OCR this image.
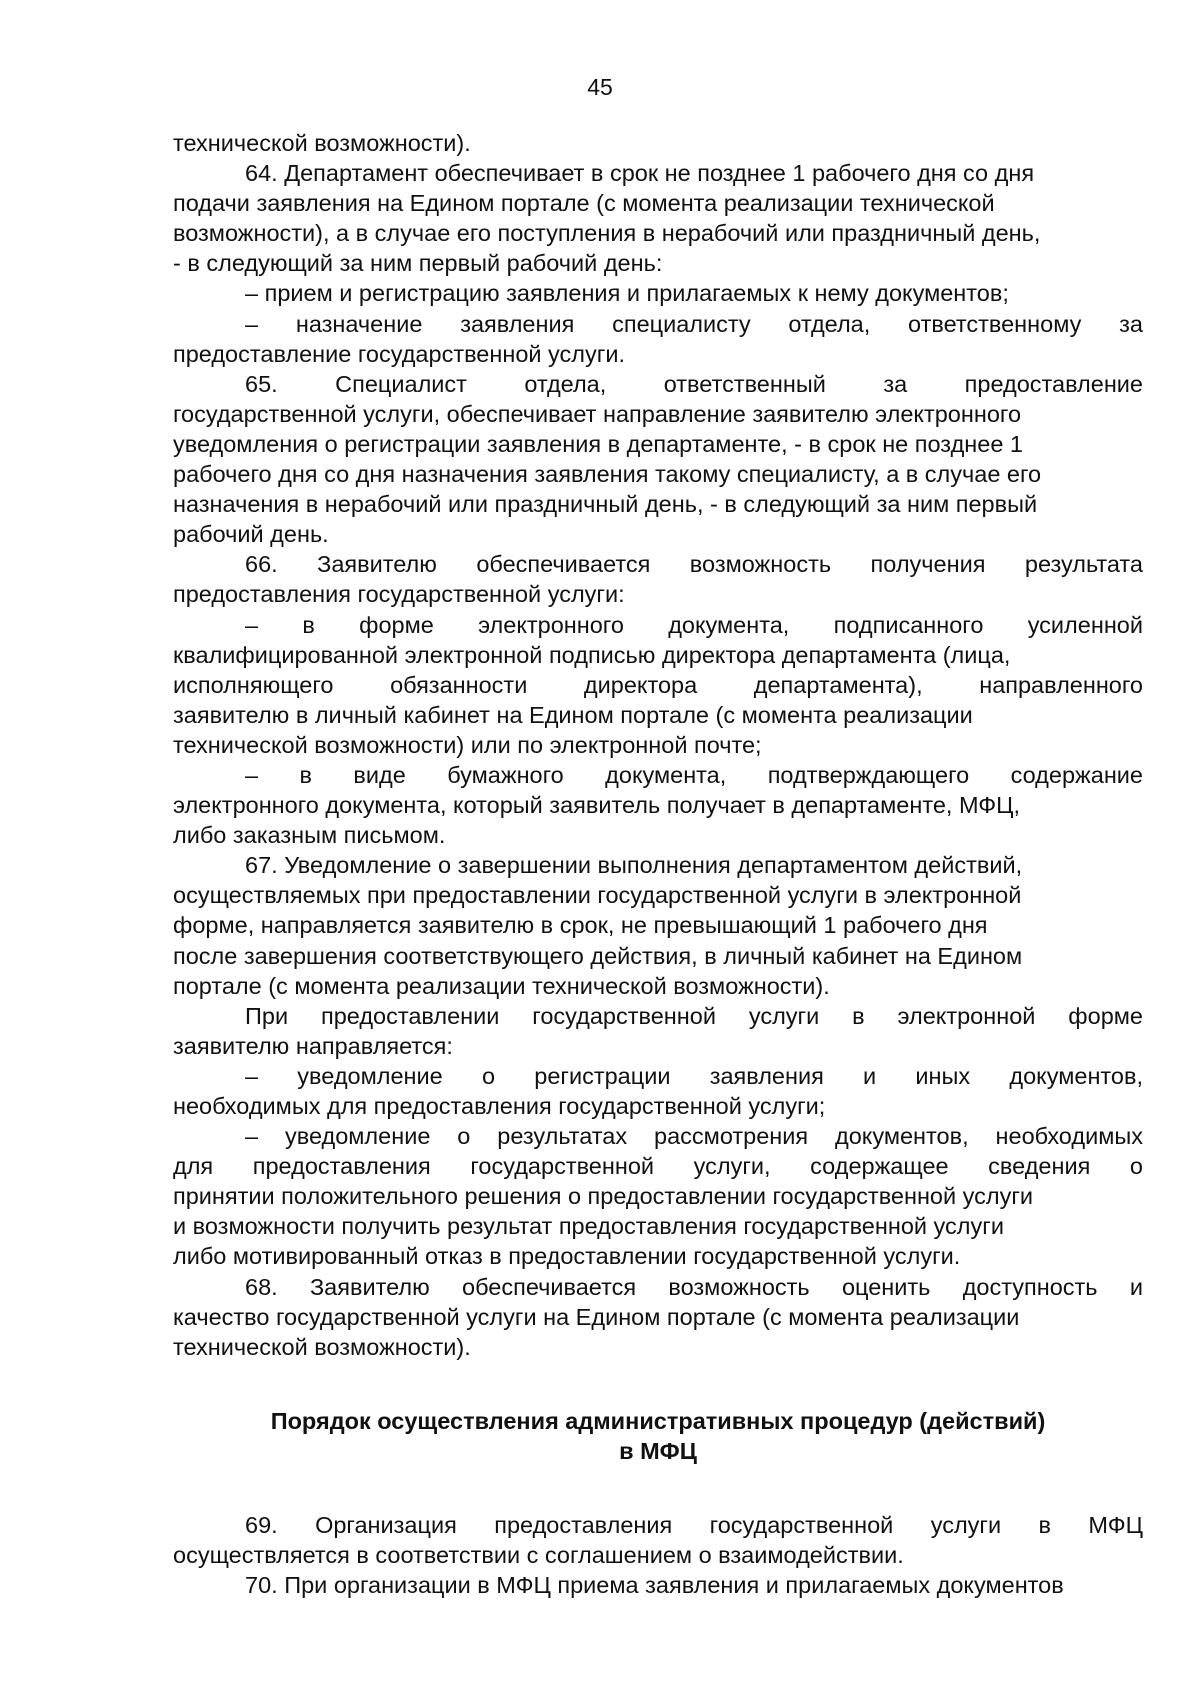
45
технической возможности).
64. Департамент обеспечивает в срок не позднее 1 рабочего дня со дня
подачи заявления на Едином портале (с момента реализации технической
возможности), а в случае его поступления в нерабочий или праздничный день,
- в следующий за ним первый рабочий день:
– прием и регистрацию заявления и прилагаемых к нему документов;
– назначение заявления специалисту отдела, ответственному за
предоставление государственной услуги.
65. Специалист отдела, ответственный за предоставление
государственной услуги, обеспечивает направление заявителю электронного
уведомления о регистрации заявления в департаменте, - в срок не позднее 1
рабочего дня со дня назначения заявления такому специалисту, а в случае его
назначения в нерабочий или праздничный день, - в следующий за ним первый
рабочий день.
66. Заявителю обеспечивается возможность получения результата
предоставления государственной услуги:
– в форме электронного документа, подписанного усиленной
квалифицированной электронной подписью директора департамента (лица,
исполняющего обязанности директора департамента), направленного
заявителю в личный кабинет на Едином портале (с момента реализации
технической возможности) или по электронной почте;
– в виде бумажного документа, подтверждающего содержание
электронного документа, который заявитель получает в департаменте, МФЦ,
либо заказным письмом.
67. Уведомление о завершении выполнения департаментом действий,
осуществляемых при предоставлении государственной услуги в электронной
форме, направляется заявителю в срок, не превышающий 1 рабочего дня
после завершения соответствующего действия, в личный кабинет на Едином
портале (с момента реализации технической возможности).
При предоставлении государственной услуги в электронной форме
заявителю направляется:
– уведомление о регистрации заявления и иных документов,
необходимых для предоставления государственной услуги;
– уведомление о результатах рассмотрения документов, необходимых
для предоставления государственной услуги, содержащее сведения о
принятии положительного решения о предоставлении государственной услуги
и возможности получить результат предоставления государственной услуги
либо мотивированный отказ в предоставлении государственной услуги.
68. Заявителю обеспечивается возможность оценить доступность и
качество государственной услуги на Едином портале (с момента реализации
технической возможности).
Порядок осуществления административных процедур (действий)
в МФЦ
69. Организация предоставления государственной услуги в МФЦ
осуществляется в соответствии с соглашением о взаимодействии.
70. При организации в МФЦ приема заявления и прилагаемых документов
